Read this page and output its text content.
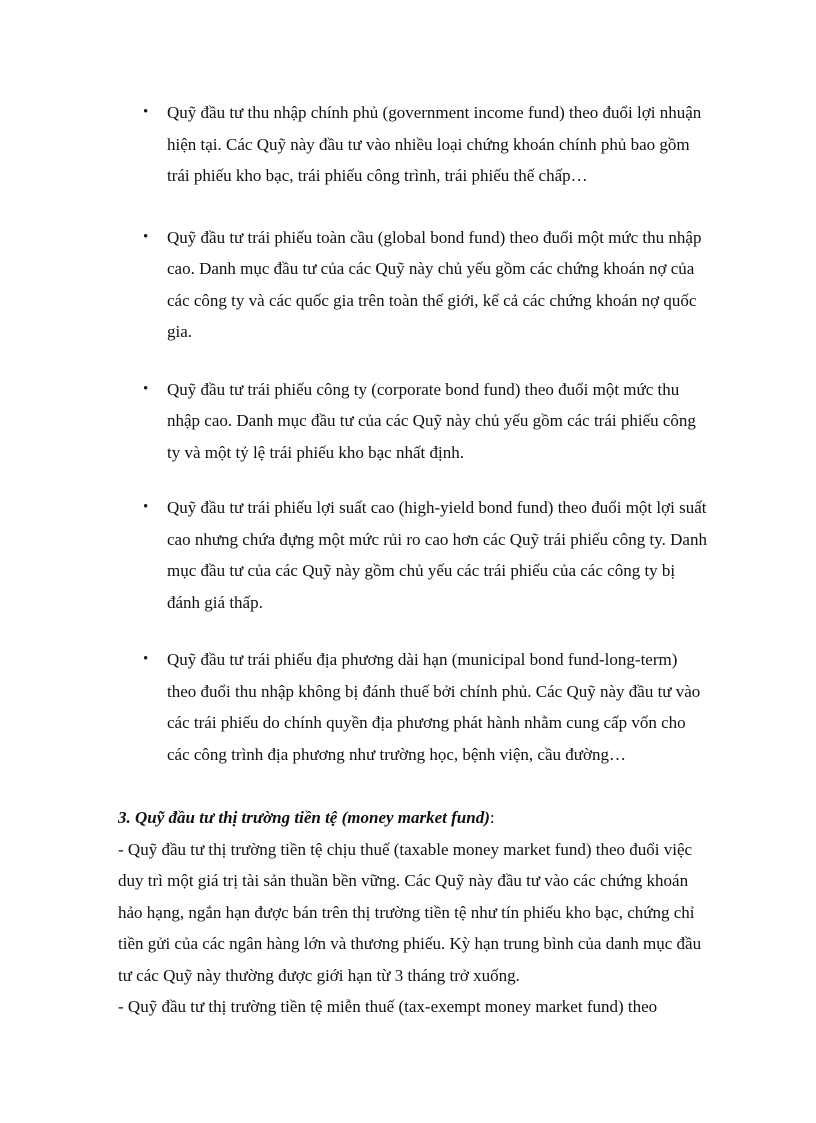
• Quỹ đầu tư thu nhập chính phủ (government income fund) theo đuổi lợi nhuận hiện tại. Các Quỹ này đầu tư vào nhiều loại chứng khoán chính phủ bao gồm trái phiếu kho bạc, trái phiếu công trình, trái phiếu thế chấp…
• Quỹ đầu tư trái phiếu toàn cầu (global bond fund) theo đuổi một mức thu nhập cao. Danh mục đầu tư của các Quỹ này chủ yếu gồm các chứng khoán nợ của các công ty và các quốc gia trên toàn thế giới, kể cả các chứng khoán nợ quốc gia.
• Quỹ đầu tư trái phiếu công ty (corporate bond fund) theo đuổi một mức thu nhập cao. Danh mục đầu tư của các Quỹ này chủ yếu gồm các trái phiếu công ty và một tỷ lệ trái phiếu kho bạc nhất định.
• Quỹ đầu tư trái phiếu lợi suất cao (high-yield bond fund) theo đuổi một lợi suất cao nhưng chứa đựng một mức rủi ro cao hơn các Quỹ trái phiếu công ty. Danh mục đầu tư của các Quỹ này gồm chủ yếu các trái phiếu của các công ty bị đánh giá thấp.
• Quỹ đầu tư trái phiếu địa phương dài hạn (municipal bond fund-long-term) theo đuổi thu nhập không bị đánh thuế bởi chính phủ. Các Quỹ này đầu tư vào các trái phiếu do chính quyền địa phương phát hành nhằm cung cấp vốn cho các công trình địa phương như trường học, bệnh viện, cầu đường…

3. Quỹ đầu tư thị trường tiền tệ (money market fund):

- Quỹ đầu tư thị trường tiền tệ chịu thuế (taxable money market fund) theo đuổi việc duy trì một giá trị tài sản thuần bền vững. Các Quỹ này đầu tư vào các chứng khoán hảo hạng, ngắn hạn được bán trên thị trường tiền tệ như tín phiếu kho bạc, chứng chỉ tiền gửi của các ngân hàng lớn và thương phiếu. Kỳ hạn trung bình của danh mục đầu tư các Quỹ này thường được giới hạn từ 3 tháng trở xuống.

- Quỹ đầu tư thị trường tiền tệ miễn thuế (tax-exempt money market fund) theo
